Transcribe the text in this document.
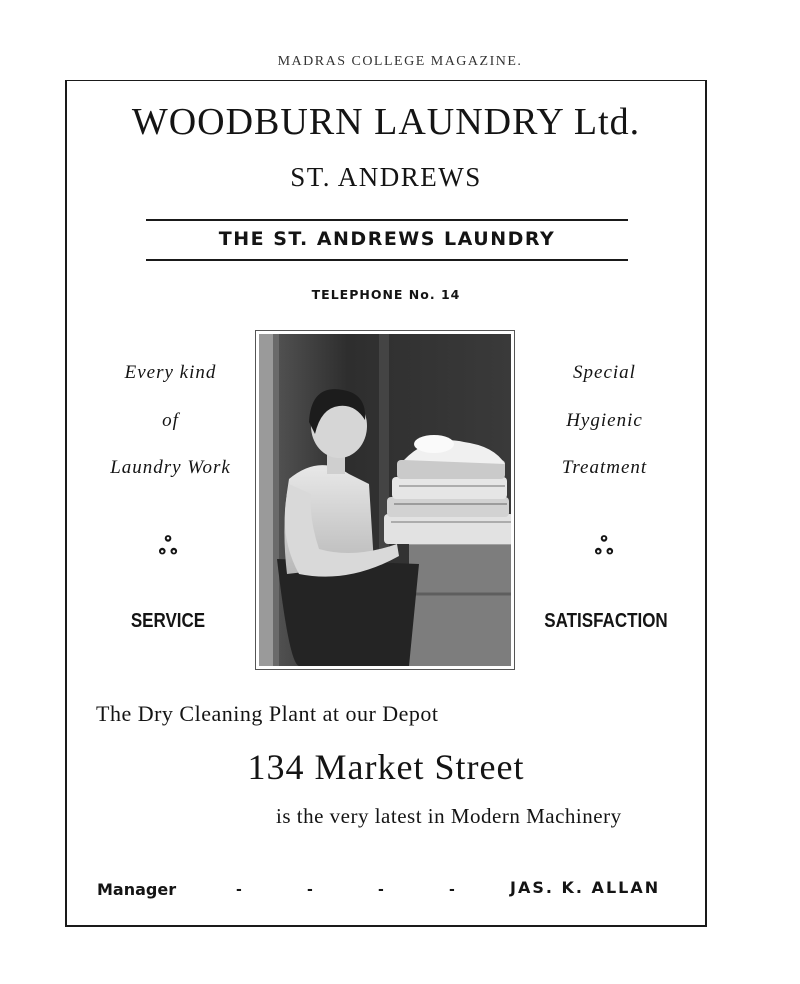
MADRAS COLLEGE MAGAZINE.
WOODBURN LAUNDRY Ltd.
ST. ANDREWS
THE ST. ANDREWS LAUNDRY
TELEPHONE No. 14
Every kind
of
Laundry Work
ஃ
SERVICE
Special
Hygienic
Treatment
ஃ
SATISFACTION
The Dry Cleaning Plant at our Depot
134 Market Street
is the very latest in Modern Machinery
Manager	-	-	-	-	JAS. K. ALLAN
